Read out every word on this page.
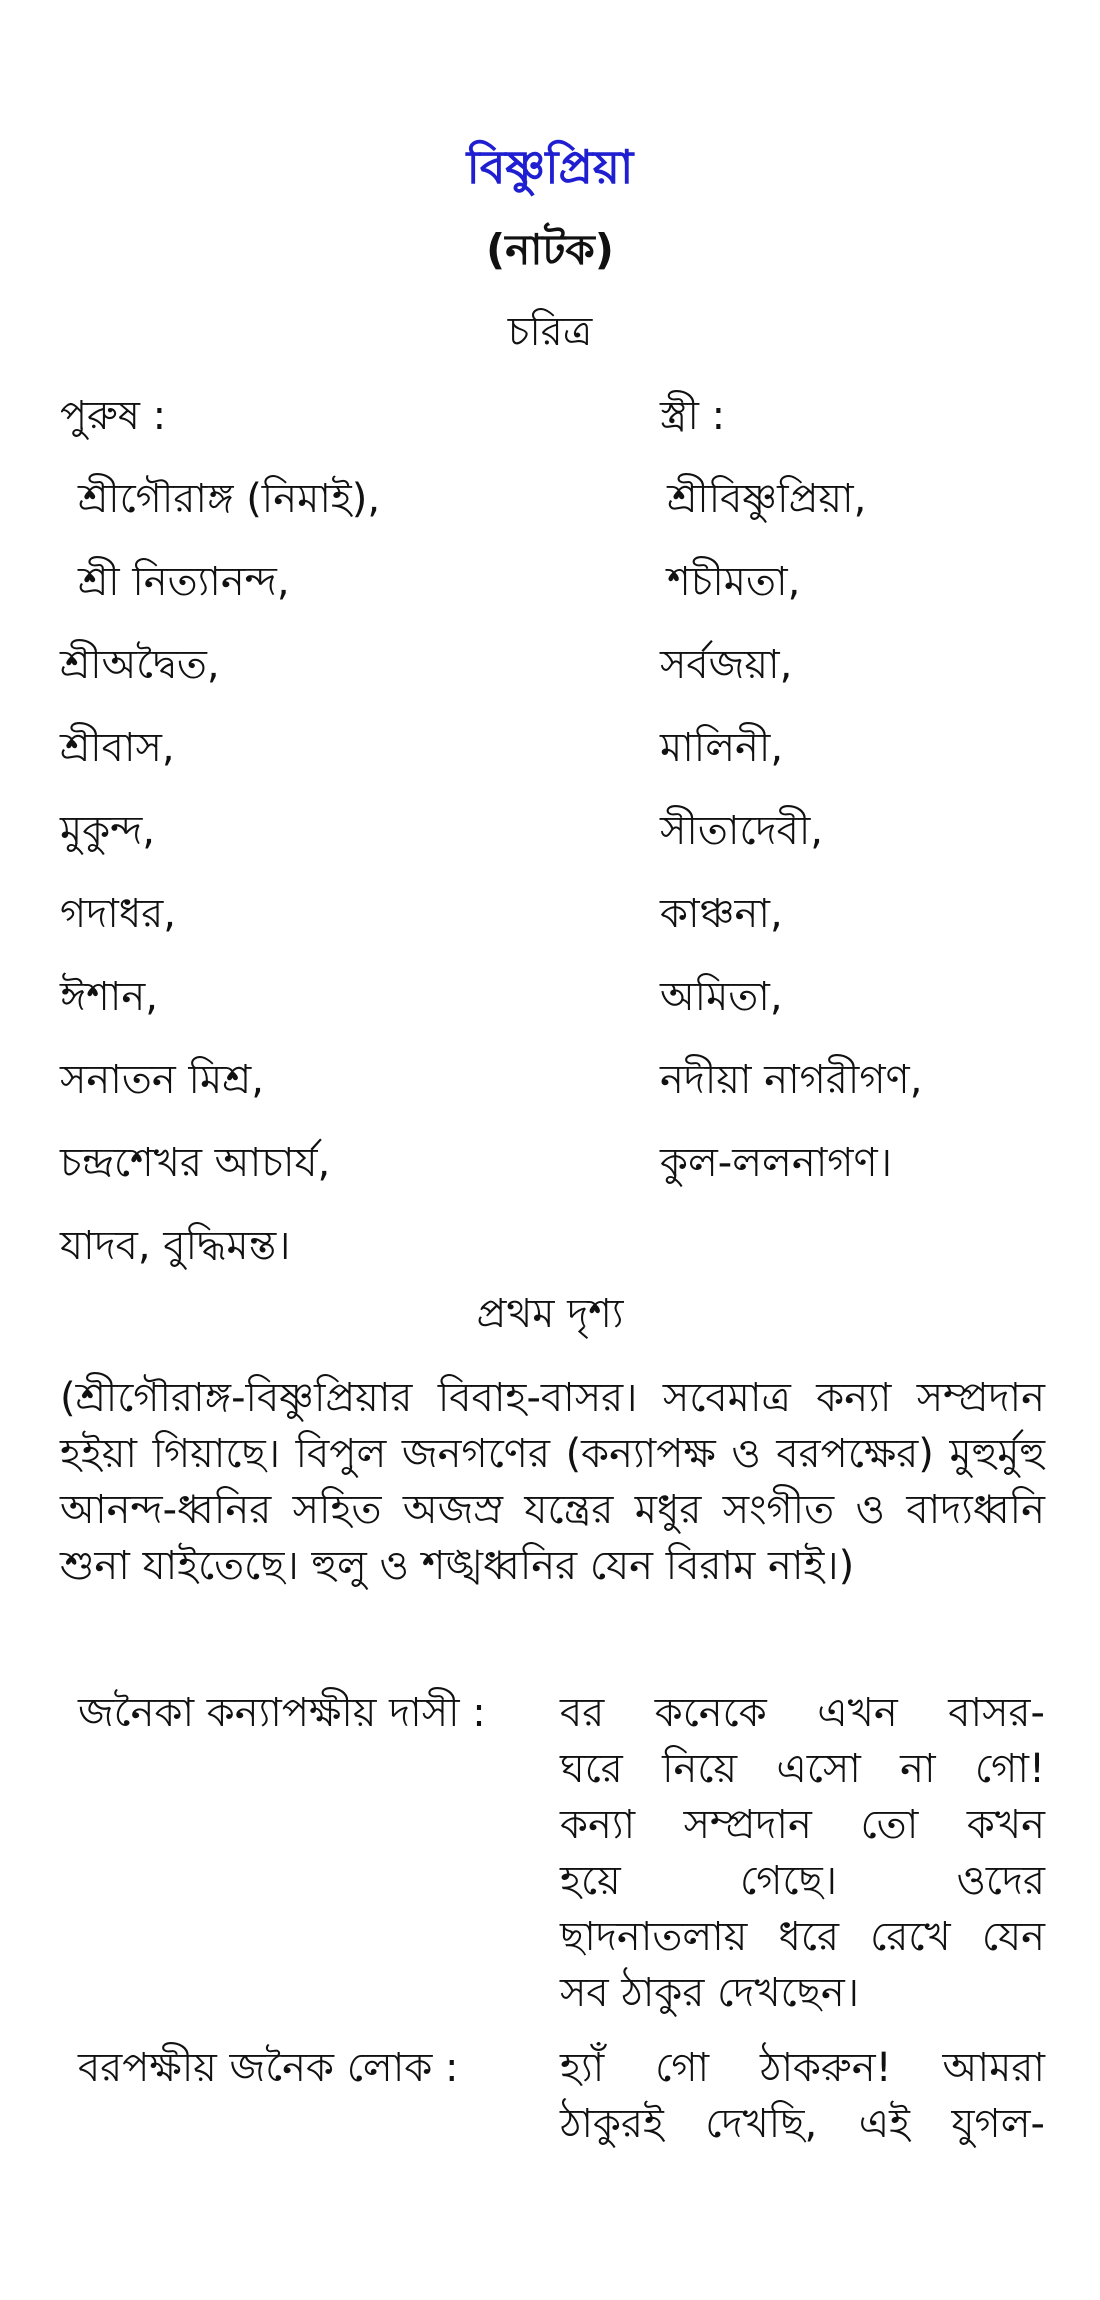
বিষ্ণুপ্রিয়া
(নাটক)
চরিত্র
পুরুষ :	স্ত্রী :
শ্রীগৌরাঙ্গ (নিমাই),	শ্রীবিষ্ণুপ্রিয়া,
শ্রী নিত্যানন্দ,	শচীমতা,
শ্রীঅদ্বৈত,	সর্বজয়া,
শ্রীবাস,	মালিনী,
মুকুন্দ,	সীতাদেবী,
গদাধর,	কাঞ্চনা,
ঈশান,	অমিতা,
সনাতন মিশ্র,	নদীয়া নাগরীগণ,
চন্দ্রশেখর আচার্য,	কুল-ললনাগণ।
যাদব, বুদ্ধিমন্ত।
প্রথম দৃশ্য
(শ্রীগৌরাঙ্গ-বিষ্ণুপ্রিয়ার বিবাহ-বাসর। সবেমাত্র কন্যা সম্প্রদান হইয়া গিয়াছে। বিপুল জনগণের (কন্যাপক্ষ ও বরপক্ষের) মুহুর্মুহু আনন্দ-ধ্বনির সহিত অজস্র যন্ত্রের মধুর সংগীত ও বাদ্যধ্বনি শুনা যাইতেছে। হুলু ও শঙ্খধ্বনির যেন বিরাম নাই।)
জনৈকা কন্যাপক্ষীয় দাসী :	বর কনেকে এখন বাসর-
ঘরে নিয়ে এসো না গো!
কন্যা সম্প্রদান তো কখন
হয়ে গেছে। ওদের
ছাদনাতলায় ধরে রেখে যেন
সব ঠাকুর দেখছেন।
বরপক্ষীয় জনৈক লোক :	হ্যাঁ গো ঠাকরুন! আমরা
ঠাকুরই দেখছি, এই যুগল-
